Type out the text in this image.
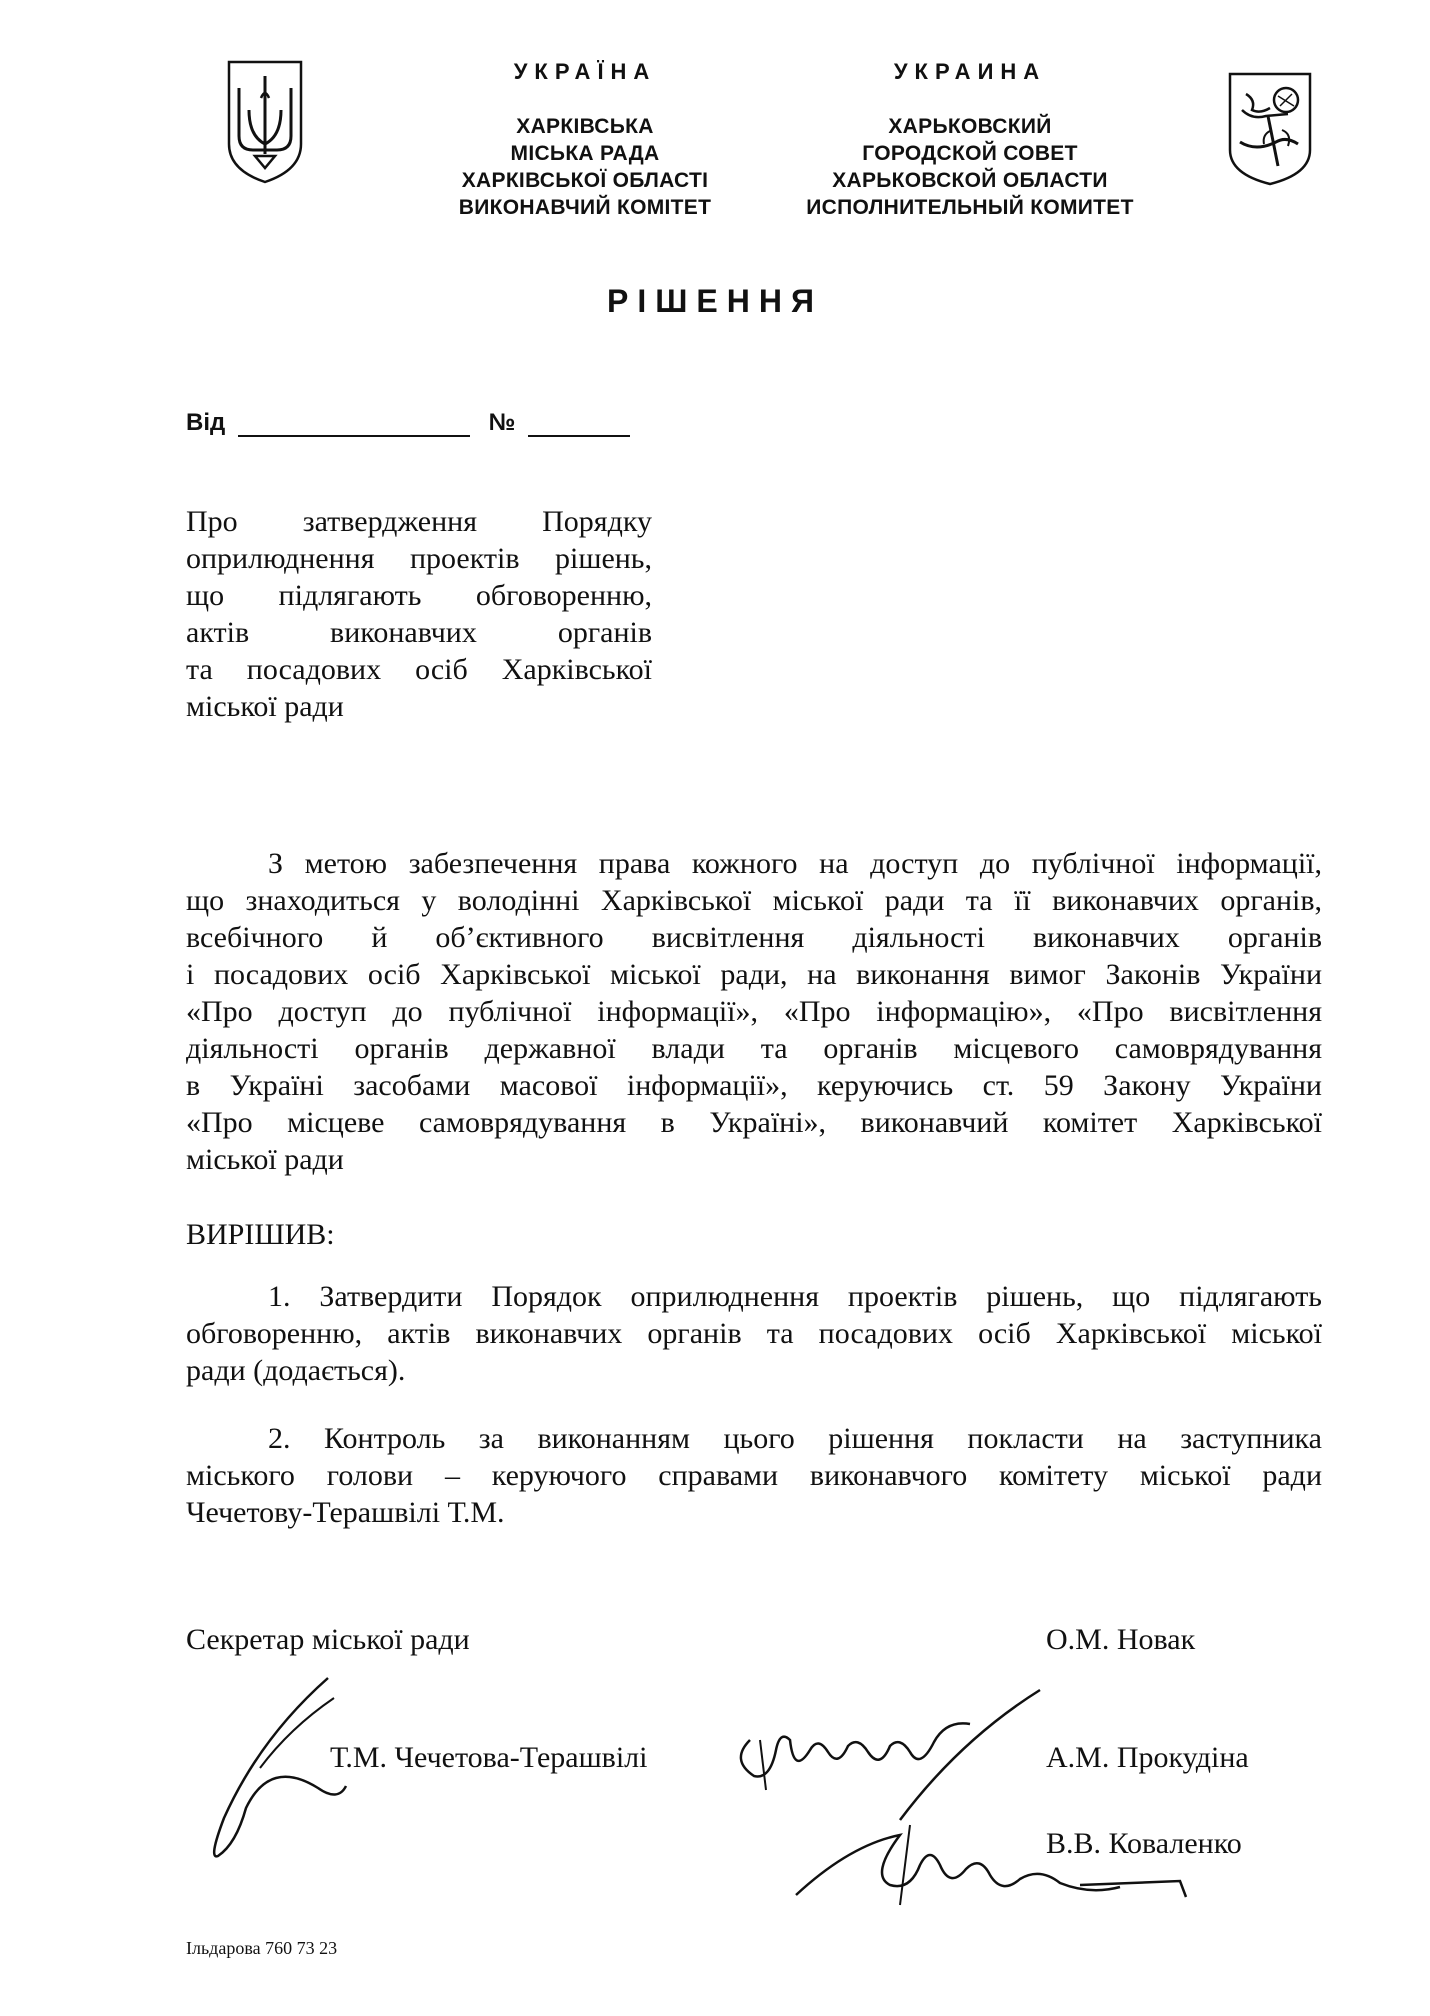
УКРАЇНА
ХАРКІВСЬКА
МІСЬКА РАДА
ХАРКІВСЬКОЇ ОБЛАСТІ
ВИКОНАВЧИЙ КОМІТЕТ
УКРАИНА
ХАРЬКОВСКИЙ
ГОРОДСКОЙ СОВЕТ
ХАРЬКОВСКОЙ ОБЛАСТИ
ИСПОЛНИТЕЛЬНЫЙ КОМИТЕТ
РІШЕННЯ
Від	№
Про затвердження Порядку
оприлюднення проектів рішень,
що підлягають обговоренню,
актів виконавчих органів
та посадових осіб Харківської
міської ради
З метою забезпечення права кожного на доступ до публічної інформації,
що знаходиться у володінні Харківської міської ради та її виконавчих органів,
всебічного й об’єктивного висвітлення діяльності виконавчих органів
і посадових осіб Харківської міської ради, на виконання вимог Законів України
«Про доступ до публічної інформації», «Про інформацію», «Про висвітлення
діяльності органів державної влади та органів місцевого самоврядування
в Україні засобами масової інформації», керуючись ст. 59 Закону України
«Про місцеве самоврядування в Україні», виконавчий комітет Харківської
міської ради
ВИРІШИВ:
1. Затвердити Порядок оприлюднення проектів рішень, що підлягають
обговоренню, актів виконавчих органів та посадових осіб Харківської міської
ради (додається).
2. Контроль за виконанням цього рішення покласти на заступника
міського голови – керуючого справами виконавчого комітету міської ради
Чечетову-Терашвілі Т.М.
Секретар міської ради	О.М. Новак
Т.М. Чечетова-Терашвілі	А.М. Прокудіна
В.В. Коваленко
Ільдарова 760 73 23
